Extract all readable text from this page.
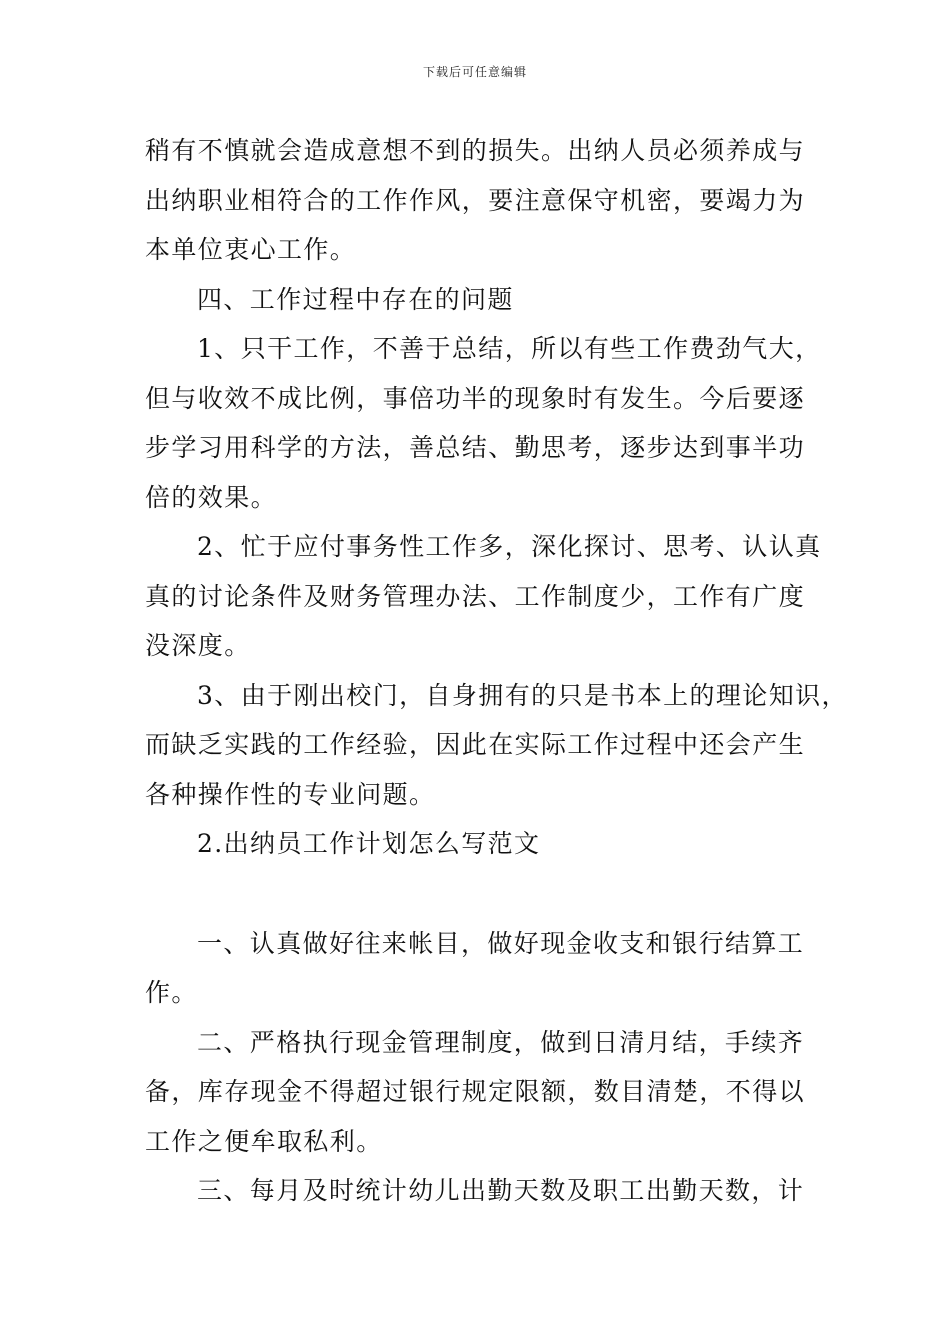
下载后可任意编辑
稍有不慎就会造成意想不到的损失。出纳人员必须养成与
出纳职业相符合的工作作风，要注意保守机密，要竭力为
本单位衷心工作。
四、工作过程中存在的问题
1、只干工作，不善于总结，所以有些工作费劲气大，
但与收效不成比例，事倍功半的现象时有发生。今后要逐
步学习用科学的方法，善总结、勤思考，逐步达到事半功
倍的效果。
2、忙于应付事务性工作多，深化探讨、思考、认认真
真的讨论条件及财务管理办法、工作制度少，工作有广度
没深度。
3、由于刚出校门，自身拥有的只是书本上的理论知识，
而缺乏实践的工作经验，因此在实际工作过程中还会产生
各种操作性的专业问题。
2.出纳员工作计划怎么写范文
一、认真做好往来帐目，做好现金收支和银行结算工
作。
二、严格执行现金管理制度，做到日清月结，手续齐
备，库存现金不得超过银行规定限额，数目清楚，不得以
工作之便牟取私利。
三、每月及时统计幼儿出勤天数及职工出勤天数，计
